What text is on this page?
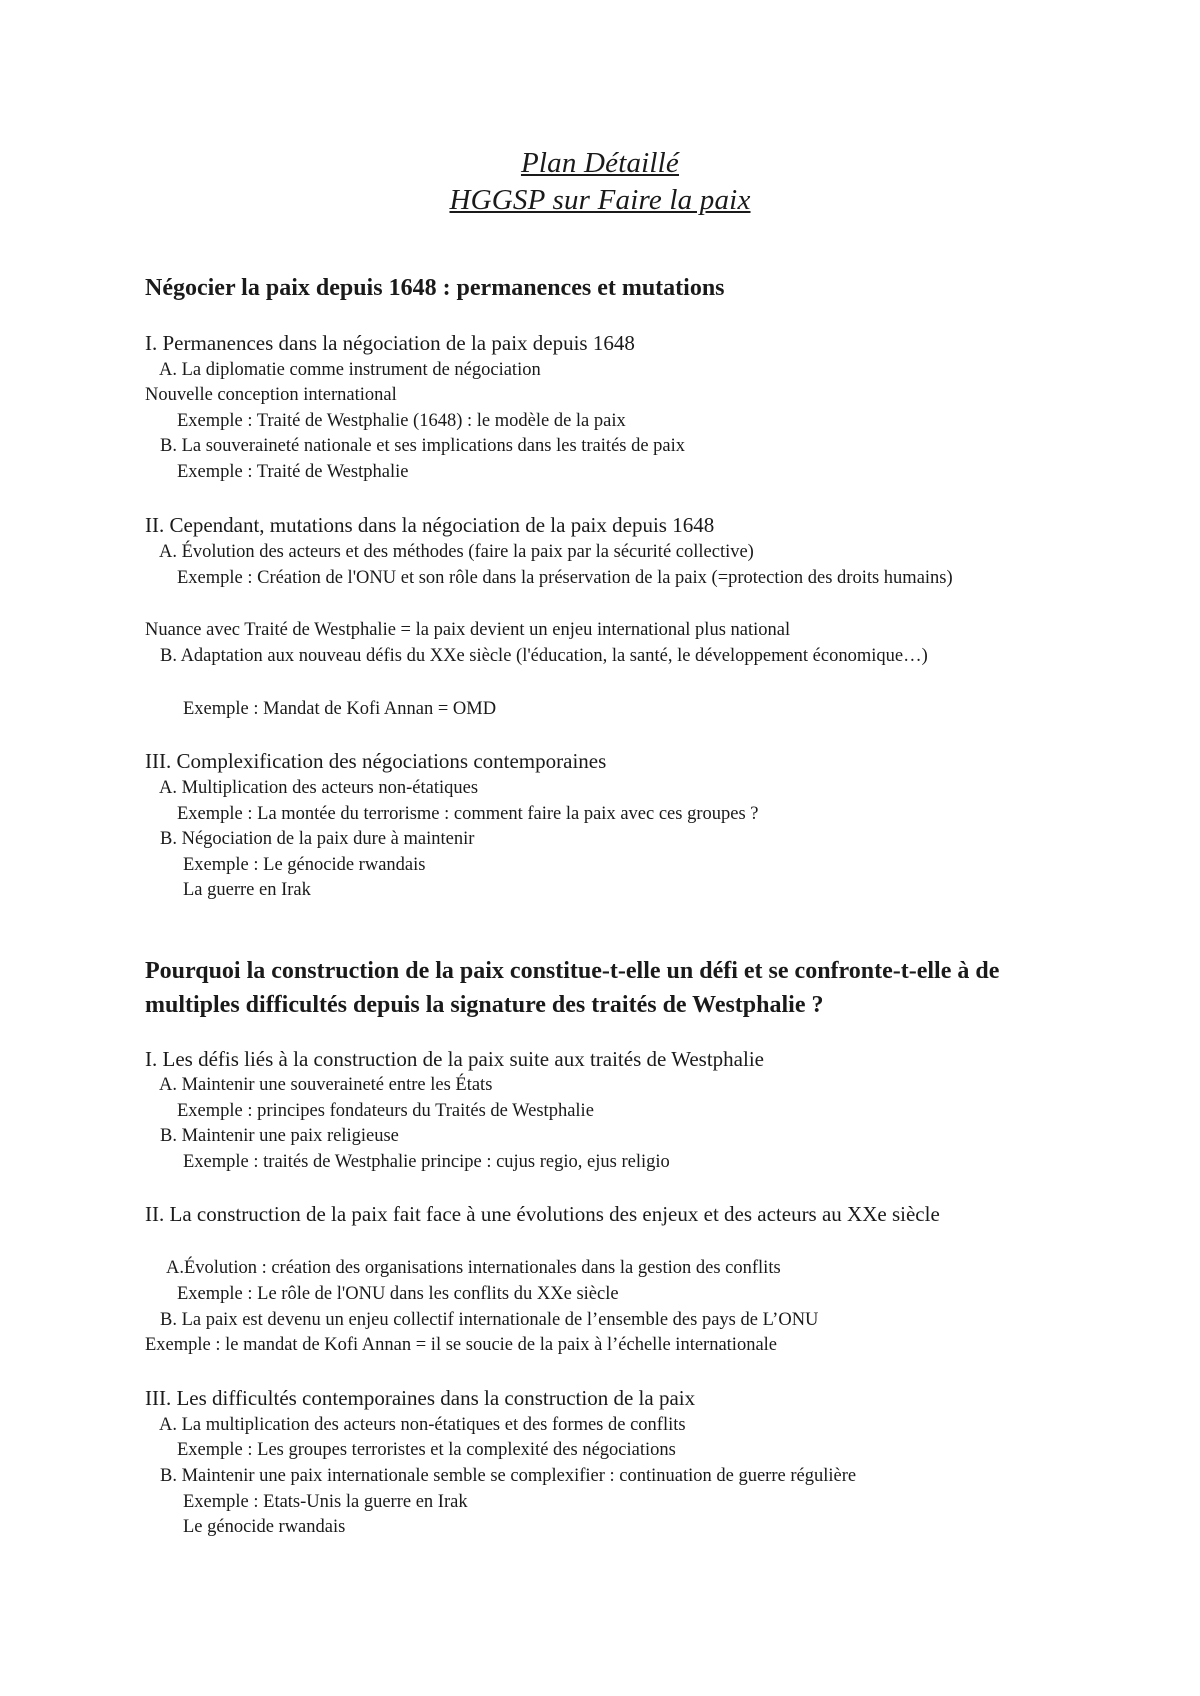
Plan Détaillé
HGGSP sur Faire la paix
Négocier la paix depuis 1648 : permanences et mutations
I. Permanences dans la négociation de la paix depuis 1648
A. La diplomatie comme instrument de négociation
Nouvelle conception international
Exemple : Traité de Westphalie (1648) : le modèle de la paix
B. La souveraineté nationale et ses implications dans les traités de paix
Exemple : Traité de Westphalie
II. Cependant, mutations dans la négociation de la paix depuis 1648
A. Évolution des acteurs et des méthodes (faire la paix par la sécurité collective)
Exemple : Création de l'ONU et son rôle dans la préservation de la paix (=protection des droits humains)
Nuance avec Traité de Westphalie = la paix devient un enjeu international plus national
B. Adaptation aux nouveau défis du XXe siècle (l'éducation, la santé, le développement économique…)
Exemple : Mandat de Kofi Annan = OMD
III. Complexification des négociations contemporaines
A. Multiplication des acteurs non-étatiques
Exemple : La montée du terrorisme : comment faire la paix avec ces groupes ?
B. Négociation de la paix dure à maintenir
Exemple : Le génocide rwandais
La guerre en Irak
Pourquoi la construction de la paix constitue-t-elle un défi et se confronte-t-elle à de multiples difficultés depuis la signature des traités de Westphalie ?
I. Les défis liés à la construction de la paix suite aux traités de Westphalie
A. Maintenir une souveraineté entre les États
Exemple : principes fondateurs du Traités de Westphalie
B. Maintenir une paix religieuse
Exemple : traités de Westphalie principe : cujus regio, ejus religio
II. La construction de la paix fait face à une évolutions des enjeux et des acteurs au XXe siècle
A.Évolution : création des organisations internationales dans la gestion des conflits
Exemple : Le rôle de l'ONU dans les conflits du XXe siècle
B. La paix est devenu un enjeu collectif internationale de l’ensemble des pays de L’ONU
Exemple : le mandat de Kofi Annan = il se soucie de la paix à l’échelle internationale
III. Les difficultés contemporaines dans la construction de la paix
A. La multiplication des acteurs non-étatiques et des formes de conflits
Exemple : Les groupes terroristes et la complexité des négociations
B. Maintenir une paix internationale semble se complexifier : continuation de guerre régulière
Exemple : Etats-Unis la guerre en Irak
Le génocide rwandais
